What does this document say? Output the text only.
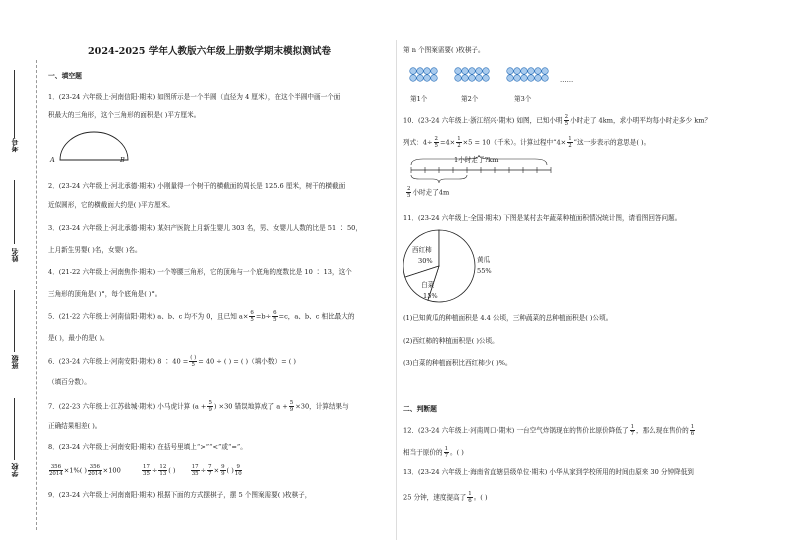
考号
姓名
班级
学校
2024-2025 学年人教版六年级上册数学期末模拟测试卷
一、填空题
1．(23-24 六年级上·河南信阳·期末) 如图所示是一个半圆（直径为 4 厘米），在这个半圆中画一个面
积最大的三角形，这个三角形的面积是( )平方厘米。
A	B
2．(23-24 六年级上·河北承德·期末) 小刚量得一个树干的横截面的周长是 125.6 厘米，树干的横截面
近似圆形，它的横截面大约是( )平方厘米。
3．(23-24 六年级上·河北承德·期末) 某妇产医院上月新生婴儿 303 名，男、女婴儿人数的比是 51 ∶ 50，
上月新生男婴( )名，女婴( )名。
4．(21-22 六年级上·河南焦作·期末) 一个等腰三角形，它的顶角与一个底角的度数比是 10 ∶ 13，这个
三角形的顶角是( )°，每个底角是( )°。
5．(21-22 六年级上·河南信阳·期末) a、b、c 均不为 0，且已知 $a\times \frac{6}{5} =b\div \frac{6}{5} =c$，a、b、c 相比最大的
是( )，最小的是( )。
6．(23-24 六年级上·河南安阳·期末) 8 ∶ 40 = ( )
5 = 40 ÷ ( ) = ( )（填小数）= ( )
（填百分数）。
7．(22-23 六年级上·江苏盐城·期末) 小马虎计算 ($a + \frac{5}{9}$ ) ×30 错误地算成了 $a + \frac{5}{9} \times 30$，计算结果与
正确结果相差( )。
8．(23-24 六年级上·河南安阳·期末) 在括号里填上“>”“<”或“=”。
$\frac{356}{2014} \times 1\%$( ) $\frac{356}{2014} \times 100$	$\frac{17}{35} \div \frac{12}{13}$ ( )	$\frac{17}{35} \div \frac{7}{7} \times \frac{9}{9}$ ( ) $\frac{9}{10}$
9．(23-24 六年级上·河南南阳·期末) 根据下面的方式摆棋子，摆 5 个图案需要( )枚棋子，
第 n 个图案需要( )枚棋子。
……
第1个	第2个	第3个
10．(23-24 六年级上·浙江绍兴·期末) 如图，已知小明 $\frac{2}{5}$ 小时走了 4km，求小明平均每小时走多少 km？
列式：$4\div \frac{2}{5} =4\times \frac{1}{2} \times 5 = 10$（千米）。计算过程中“$4\times \frac{1}{2}$ ”这一步表示的意思是( )。
1小时走了?km
$\frac{2}{5}$ 小时走了4m
11．(23-24 六年级上·全国·期末) 下图是某村去年蔬菜种植面积情况统计图，请看图回答问题。
西红柿
30%	黄瓜
55%
白菜
15%
(1)已知黄瓜的种植面积是 4.4 公顷，三种蔬菜的总种植面积是( )公顷。
(2)西红柿的种植面积是( )公顷。
(3)白菜的种植面积比西红柿少( )%。
二、判断题
12．(23-24 六年级上·河南周口·期末) 一台空气炸锅现在的售价比原价降低了 $\frac{1}{7}$ ，那么现在售价的 $\frac{1}{6}$
相当于原价的 $\frac{1}{7}$ 。( )
13．(23-24 六年级上·海南省直辖县级单位·期末) 小华从家到学校所用的时间由原来 30 分钟降低到
25 分钟，速度提高了 $\frac{1}{6}$ 。( )
